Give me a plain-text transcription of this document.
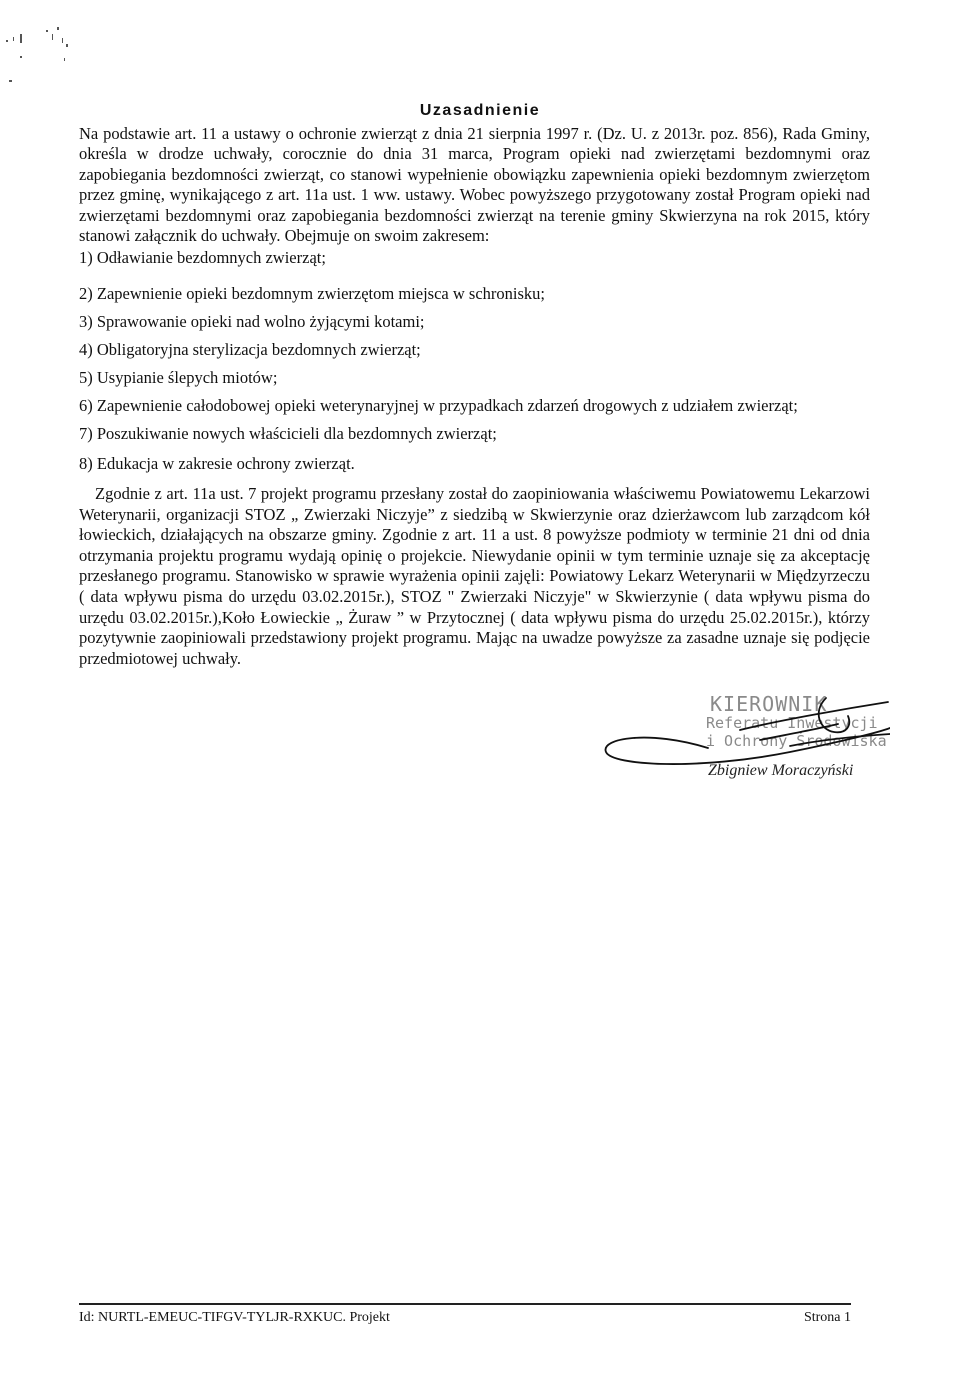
Uzasadnienie
Na podstawie art. 11 a ustawy o ochronie zwierząt z dnia 21 sierpnia 1997 r. (Dz. U. z 2013r. poz. 856), Rada Gminy, określa w drodze uchwały, corocznie do dnia 31 marca, Program opieki nad zwierzętami bezdomnymi oraz zapobiegania bezdomności zwierząt, co stanowi wypełnienie obowiązku zapewnienia opieki bezdomnym zwierzętom przez gminę, wynikającego z art. 11a ust. 1 ww. ustawy. Wobec powyższego przygotowany został Program opieki nad zwierzętami bezdomnymi oraz zapobiegania bezdomności zwierząt na terenie gminy Skwierzyna na rok 2015, który stanowi załącznik do uchwały. Obejmuje on swoim zakresem:
1) Odławianie bezdomnych zwierząt;
2) Zapewnienie opieki bezdomnym zwierzętom miejsca w schronisku;
3) Sprawowanie opieki nad wolno żyjącymi kotami;
4) Obligatoryjna sterylizacja bezdomnych zwierząt;
5) Usypianie ślepych miotów;
6) Zapewnienie całodobowej opieki weterynaryjnej w przypadkach zdarzeń drogowych z udziałem zwierząt;
7) Poszukiwanie nowych właścicieli dla bezdomnych zwierząt;
8) Edukacja w zakresie ochrony zwierząt.
Zgodnie z art. 11a ust. 7 projekt programu przesłany został do zaopiniowania właściwemu Powiatowemu Lekarzowi Weterynarii, organizacji STOZ „ Zwierzaki Niczyje” z siedzibą w Skwierzynie oraz dzierżawcom lub zarządcom kół łowieckich, działających na obszarze gminy. Zgodnie z art. 11 a ust. 8 powyższe podmioty w terminie 21 dni od dnia otrzymania projektu programu wydają opinię o projekcie. Niewydanie opinii w tym terminie uznaje się za akceptację przesłanego programu. Stanowisko w sprawie wyrażenia opinii zajęli: Powiatowy Lekarz Weterynarii w Międzyrzeczu ( data wpływu pisma do urzędu 03.02.2015r.), STOZ " Zwierzaki Niczyje" w Skwierzynie ( data wpływu pisma do urzędu 03.02.2015r.),Koło Łowieckie „ Żuraw ” w Przytocznej ( data wpływu pisma do urzędu 25.02.2015r.), którzy pozytywnie zaopiniowali przedstawiony projekt programu. Mając na uwadze powyższe za zasadne uznaje się podjęcie przedmiotowej uchwały.
KIEROWNIK
Referatu Inwestycji
i Ochrony Środowiska
Zbigniew Moraczyński
Id: NURTL-EMEUC-TIFGV-TYLJR-RXKUC. Projekt	Strona 1
